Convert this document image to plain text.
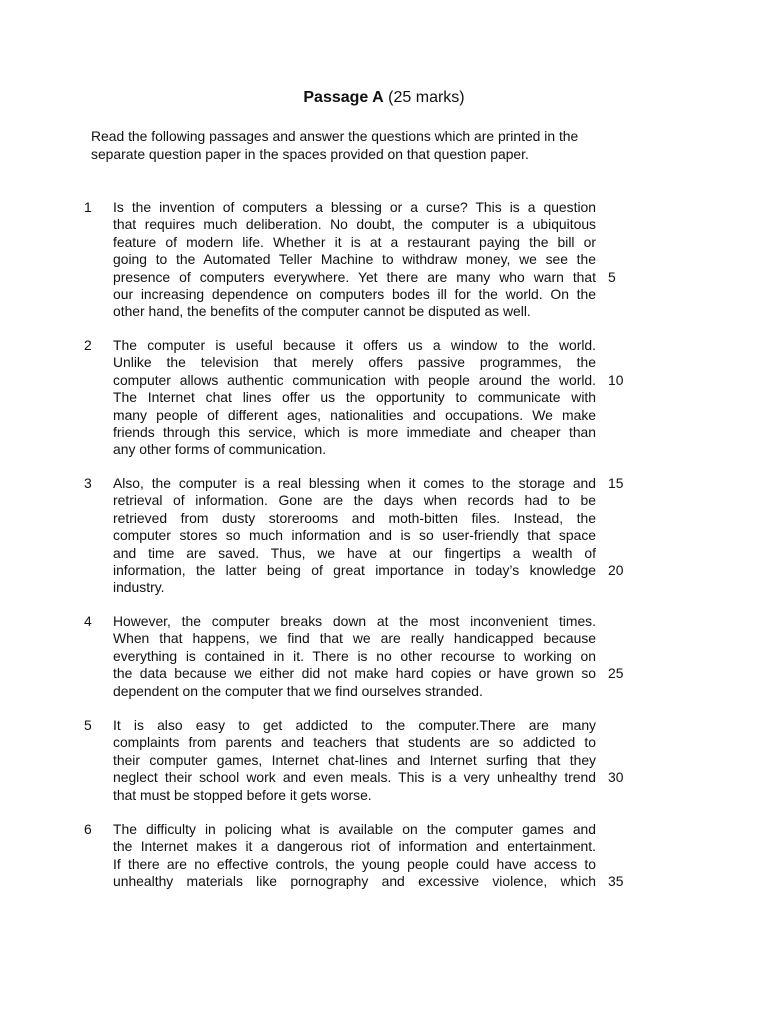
Passage A (25 marks)
Read the following passages and answer the questions which are printed in the
separate question paper in the spaces provided on that question paper.
1 Is the invention of computers a blessing or a curse? This is a question
that requires much deliberation. No doubt, the computer is a ubiquitous
feature of modern life. Whether it is at a restaurant paying the bill or
going to the Automated Teller Machine to withdraw money, we see the
presence of computers everywhere. Yet there are many who warn that
our increasing dependence on computers bodes ill for the world. On the
other hand, the benefits of the computer cannot be disputed as well.
5
2 The computer is useful because it offers us a window to the world.
Unlike the television that merely offers passive programmes, the
computer allows authentic communication with people around the world.
The Internet chat lines offer us the opportunity to communicate with
many people of different ages, nationalities and occupations. We make
friends through this service, which is more immediate and cheaper than
any other forms of communication.
10
3 Also, the computer is a real blessing when it comes to the storage and
retrieval of information. Gone are the days when records had to be
retrieved from dusty storerooms and moth-bitten files. Instead, the
computer stores so much information and is so user-friendly that space
and time are saved. Thus, we have at our fingertips a wealth of
information, the latter being of great importance in today’s knowledge
industry.
15
20
4 However, the computer breaks down at the most inconvenient times.
When that happens, we find that we are really handicapped because
everything is contained in it. There is no other recourse to working on
the data because we either did not make hard copies or have grown so
dependent on the computer that we find ourselves stranded.
25
5 It is also easy to get addicted to the computer.There are many
complaints from parents and teachers that students are so addicted to
their computer games, Internet chat-lines and Internet surfing that they
neglect their school work and even meals. This is a very unhealthy trend
that must be stopped before it gets worse.
30
6 The difficulty in policing what is available on the computer games and
the Internet makes it a dangerous riot of information and entertainment.
If there are no effective controls, the young people could have access to
unhealthy materials like pornography and excessive violence, which 35
